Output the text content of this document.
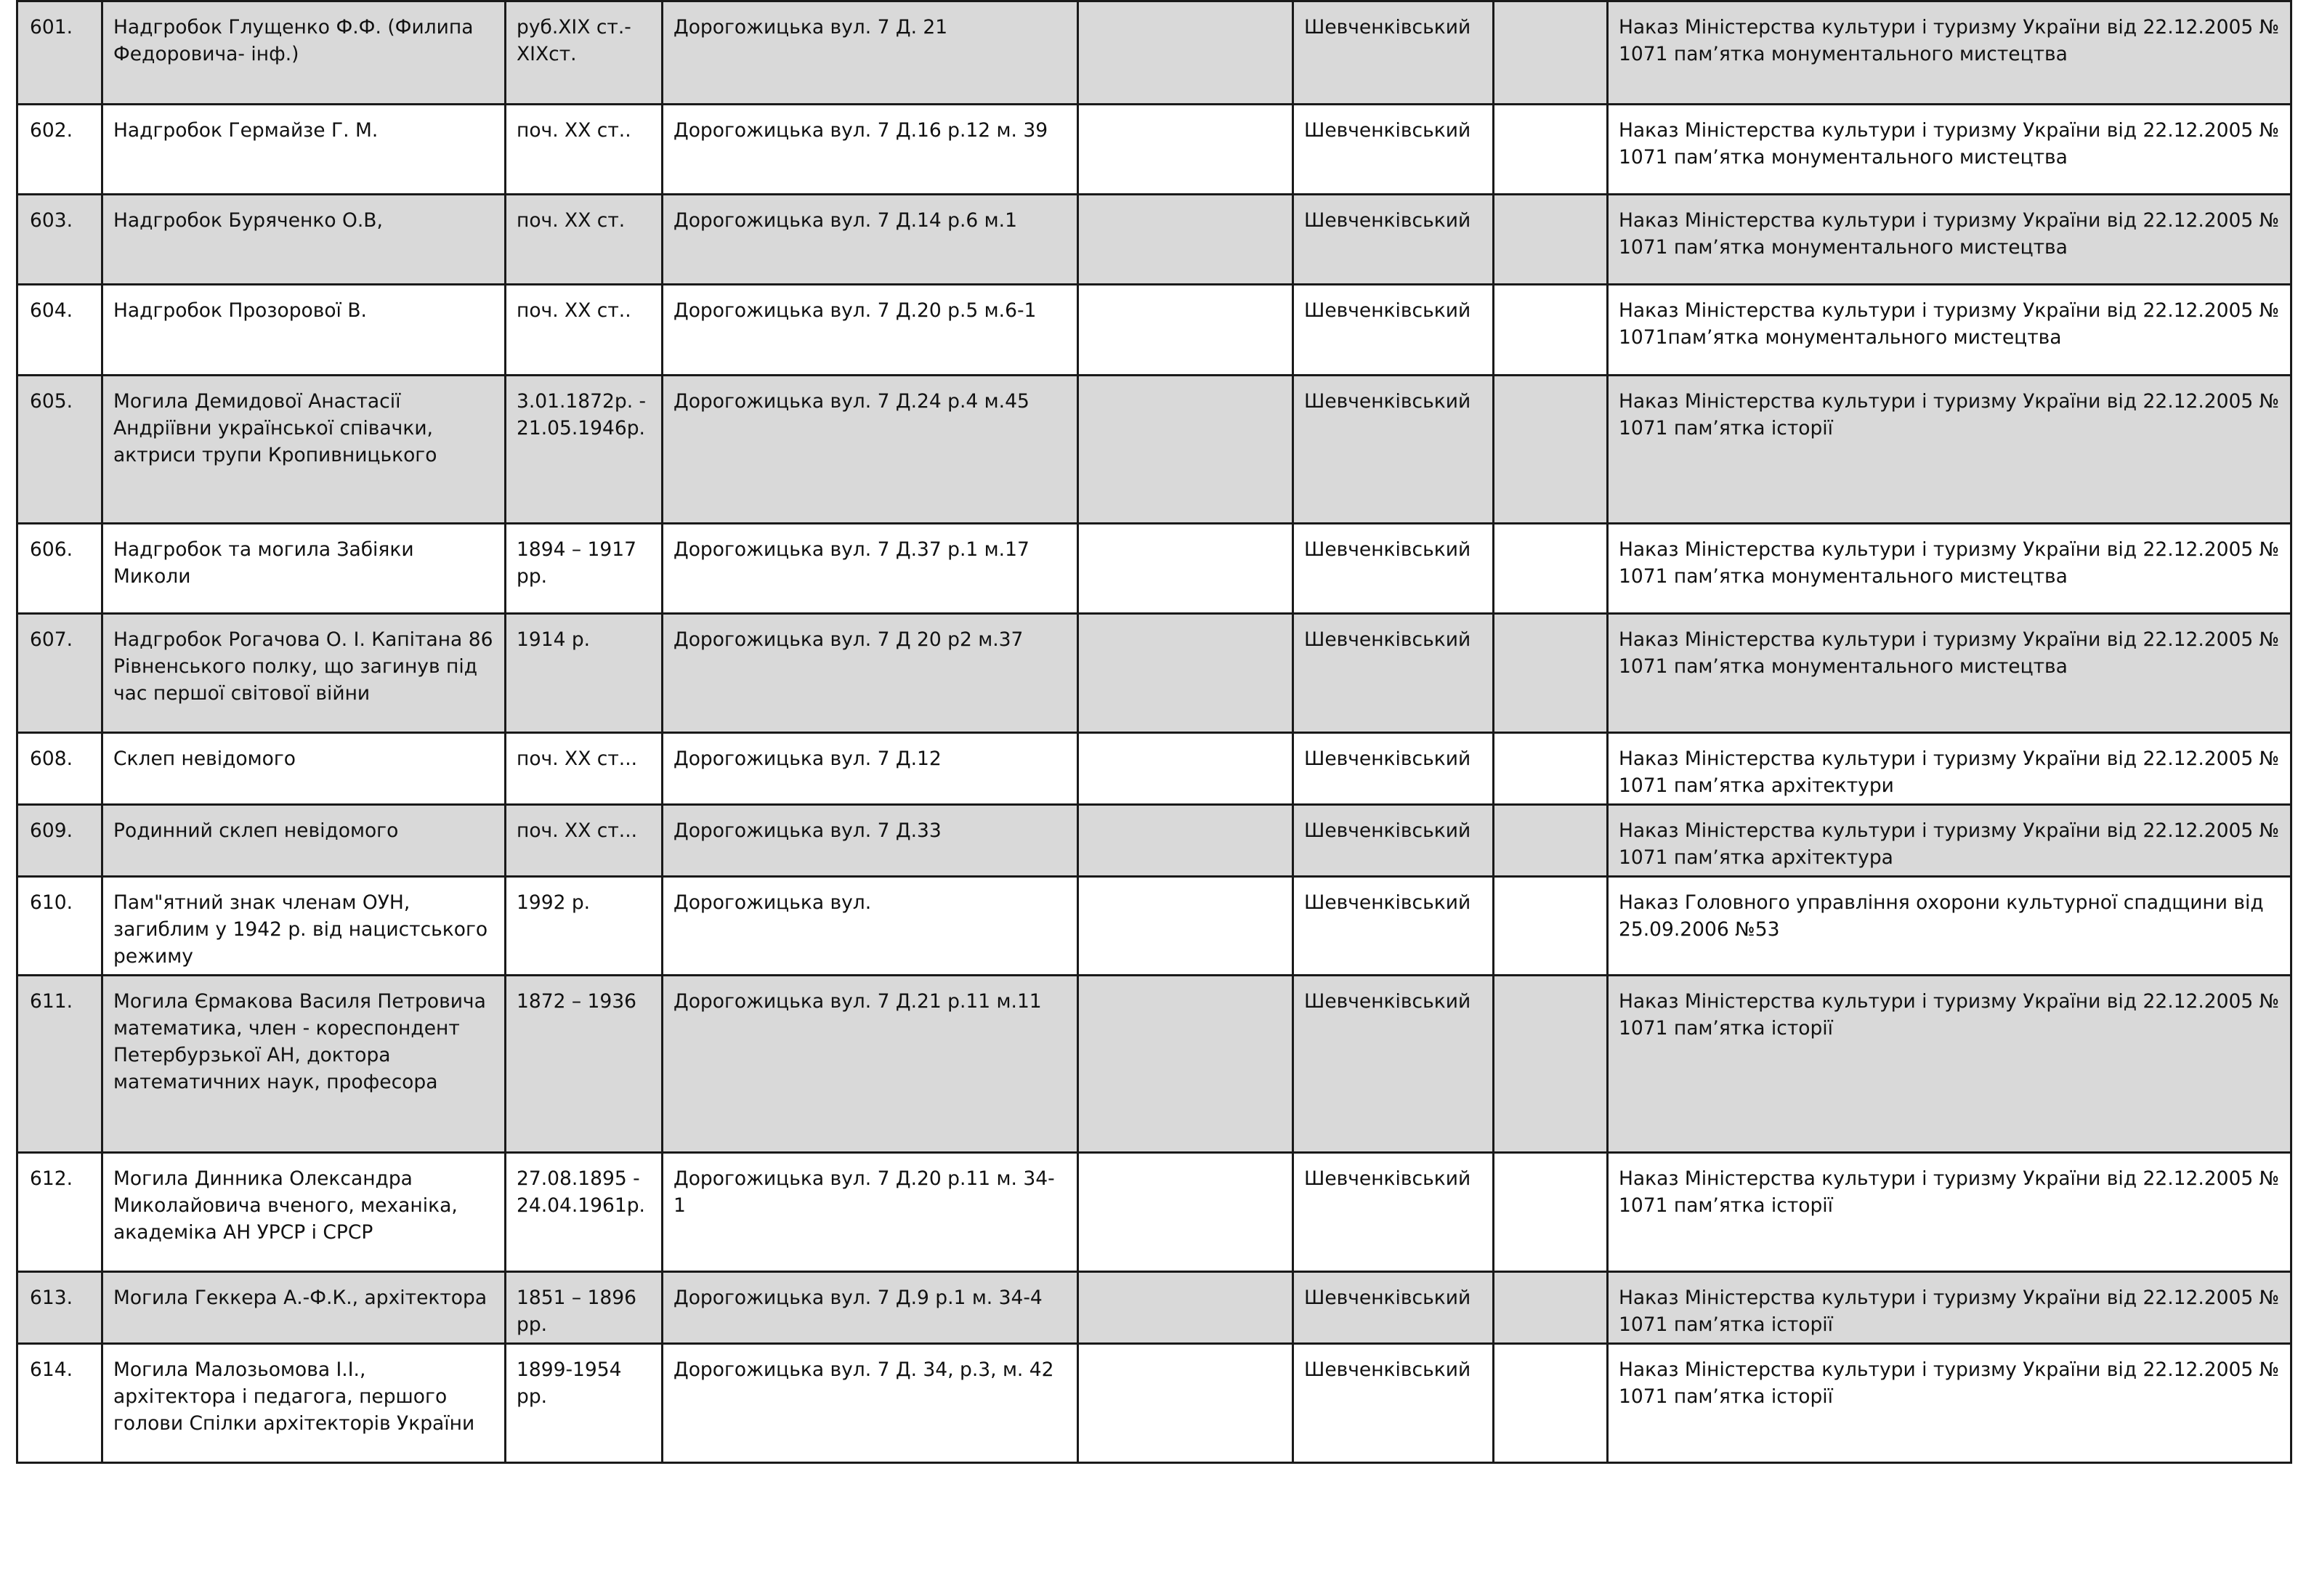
601.	Надгробок Глущенко Ф.Ф. (Филипа Федоровича- інф.)	руб.ХІХ ст.-ХІХст.	Дорогожицька вул. 7 Д. 21		Шевченківський		Наказ Міністерства культури і туризму України від 22.12.2005 № 1071 пам’ятка монументального мистецтва
602.	Надгробок Гермайзе Г. М.	поч. ХХ ст..	Дорогожицька вул. 7 Д.16 р.12 м. 39		Шевченківський		Наказ Міністерства культури і туризму України від 22.12.2005 № 1071 пам’ятка монументального мистецтва
603.	Надгробок Буряченко О.В,	поч. ХХ ст.	Дорогожицька вул. 7 Д.14 р.6 м.1		Шевченківський		Наказ Міністерства культури і туризму України від 22.12.2005 № 1071 пам’ятка монументального мистецтва
604.	Надгробок Прозорової В.	поч. ХХ ст..	Дорогожицька вул. 7 Д.20 р.5 м.6-1		Шевченківський		Наказ Міністерства культури і туризму України від 22.12.2005 № 1071пам’ятка монументального мистецтва
605.	Могила Демидової Анастасії Андріївни української співачки, актриси трупи Кропивницького	3.01.1872р. - 21.05.1946р.	Дорогожицька вул. 7 Д.24 р.4 м.45		Шевченківський		Наказ Міністерства культури і туризму України від 22.12.2005 № 1071 пам’ятка історії
606.	Надгробок та могила Забіяки Миколи	1894 – 1917 рр.	Дорогожицька вул. 7 Д.37 р.1 м.17		Шевченківський		Наказ Міністерства культури і туризму України від 22.12.2005 № 1071 пам’ятка монументального мистецтва
607.	Надгробок Рогачова О. І. Капітана 86 Рівненського полку, що загинув під час першої світової війни	1914 р.	Дорогожицька вул. 7 Д 20 р2 м.37		Шевченківський		Наказ Міністерства культури і туризму України від 22.12.2005 № 1071 пам’ятка монументального мистецтва
608.	Склеп невідомого	поч. ХХ ст...	Дорогожицька вул. 7 Д.12		Шевченківський		Наказ Міністерства культури і туризму України від 22.12.2005 № 1071 пам’ятка архітектури
609.	Родинний склеп невідомого	поч. ХХ ст...	Дорогожицька вул. 7 Д.33		Шевченківський		Наказ Міністерства культури і туризму України від 22.12.2005 № 1071 пам’ятка архітектура
610.	Пам"ятний знак членам ОУН, загиблим у 1942 р. від нацистського режиму	1992 р.	Дорогожицька вул.		Шевченківський		Наказ Головного управління охорони культурної спадщини від 25.09.2006 №53
611.	Могила Єрмакова Василя Петровича математика, член - кореспондент Петербурзької АН, доктора математичних наук, професора	1872 – 1936	Дорогожицька вул. 7 Д.21 р.11 м.11		Шевченківський		Наказ Міністерства культури і туризму України від 22.12.2005 № 1071 пам’ятка історії
612.	Могила Динника Олександра Миколайовича вченого, механіка, академіка АН УРСР і СРСР	27.08.1895 - 24.04.1961р.	Дорогожицька вул. 7 Д.20 р.11 м. 34-1		Шевченківський		Наказ Міністерства культури і туризму України від 22.12.2005 № 1071 пам’ятка історії
613.	Могила Геккера А.-Ф.К., архітектора	1851 – 1896 рр.	Дорогожицька вул. 7 Д.9 р.1 м. 34-4		Шевченківський		Наказ Міністерства культури і туризму України від 22.12.2005 № 1071 пам’ятка історії
614.	Могила Малозьомова І.І., архітектора і педагога, першого голови Спілки архітекторів України	1899-1954 рр.	Дорогожицька вул. 7 Д. 34, р.3, м. 42		Шевченківський		Наказ Міністерства культури і туризму України від 22.12.2005 № 1071 пам’ятка історії
